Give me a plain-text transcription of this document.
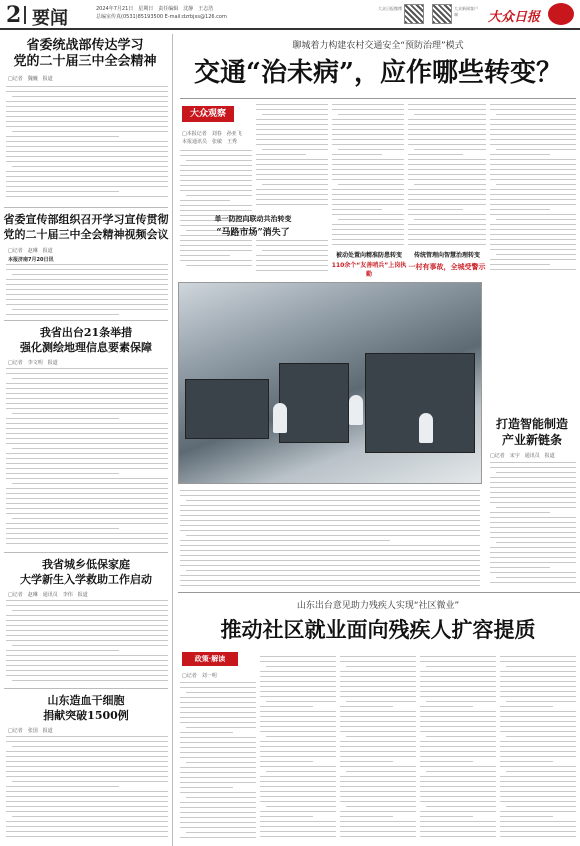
2 要闻	2024年7月21日　星期日　责任编辑　沈静　王志浩
总编室传真(0531)85193500 E-mail:dzrbjxs@126.com
大众新闻客户端
大众日报微博
大众日报
省委统战部传达学习
党的二十届三中全会精神
□记者　魏巍　报道
省委宣传部组织召开学习宣传贯彻
党的二十届三中全会精神视频会议
□记者　赵琳　报道
本报济南7月20日讯
我省出台21条举措
强化测绘地理信息要素保障
□记者　李文明　报道
我省城乡低保家庭
大学新生入学救助工作启动
□记者　赵琳　通讯员　李伟　报道
山东造血干细胞
捐献突破1500例
□记者　张国　报道
聊城着力构建农村交通安全“预防治理”模式
交通“治未病”，应作哪些转变？
大众观察
□本报记者　刘春　孙亚飞
本报通讯员　张敏　王秀
单一防控向联动共治转变
“马路市场”消失了
被动处置向精准防患转变
110余个“友善哨兵”上岗执勤
传统管理向智慧治理转变
一村有事故，全城受警示
打造智能制造
产业新链条
□记者　宋宇　通讯员　报道
山东出台意见助力残疾人实现“社区微业”
推动社区就业面向残疾人扩容提质
政策·解读
□记者　刘一明
